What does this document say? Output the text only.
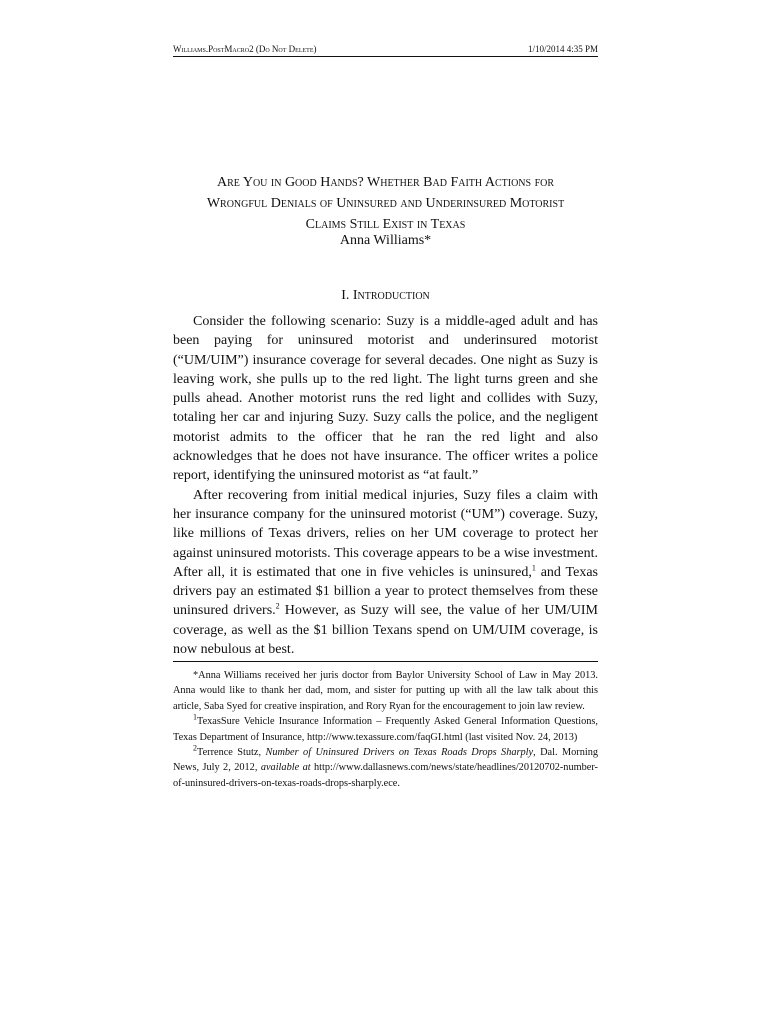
Williams.PostMacro2 (Do Not Delete)	1/10/2014 4:35 PM
Are You in Good Hands? Whether Bad Faith Actions for
Wrongful Denials of Uninsured and Underinsured Motorist
Claims Still Exist in Texas
Anna Williams*
I. Introduction

Consider the following scenario: Suzy is a middle-aged adult and has been paying for uninsured motorist and underinsured motorist (“UM/UIM”) insurance coverage for several decades. One night as Suzy is leaving work, she pulls up to the red light. The light turns green and she pulls ahead. Another motorist runs the red light and collides with Suzy, totaling her car and injuring Suzy. Suzy calls the police, and the negligent motorist admits to the officer that he ran the red light and also acknowledges that he does not have insurance. The officer writes a police report, identifying the uninsured motorist as “at fault.”

After recovering from initial medical injuries, Suzy files a claim with her insurance company for the uninsured motorist (“UM”) coverage. Suzy, like millions of Texas drivers, relies on her UM coverage to protect her against uninsured motorists. This coverage appears to be a wise investment. After all, it is estimated that one in five vehicles is uninsured,$^1$ and Texas drivers pay an estimated $1 billion a year to protect themselves from these uninsured drivers.$^2$ However, as Suzy will see, the value of her UM/UIM coverage, as well as the $1 billion Texans spend on UM/UIM coverage, is now nebulous at best.

*Anna Williams received her juris doctor from Baylor University School of Law in May 2013. Anna would like to thank her dad, mom, and sister for putting up with all the law talk about this article, Saba Syed for creative inspiration, and Rory Ryan for the encouragement to join law review.

$^1$TexasSure Vehicle Insurance Information – Frequently Asked General Information Questions, Texas Department of Insurance, http://www.texassure.com/faqGI.html (last visited Nov. 24, 2013)

$^2$Terrence Stutz, Number of Uninsured Drivers on Texas Roads Drops Sharply, Dal. Morning News, July 2, 2012, available at http://www.dallasnews.com/news/state/headlines/20120702-number-of-uninsured-drivers-on-texas-roads-drops-sharply.ece.
